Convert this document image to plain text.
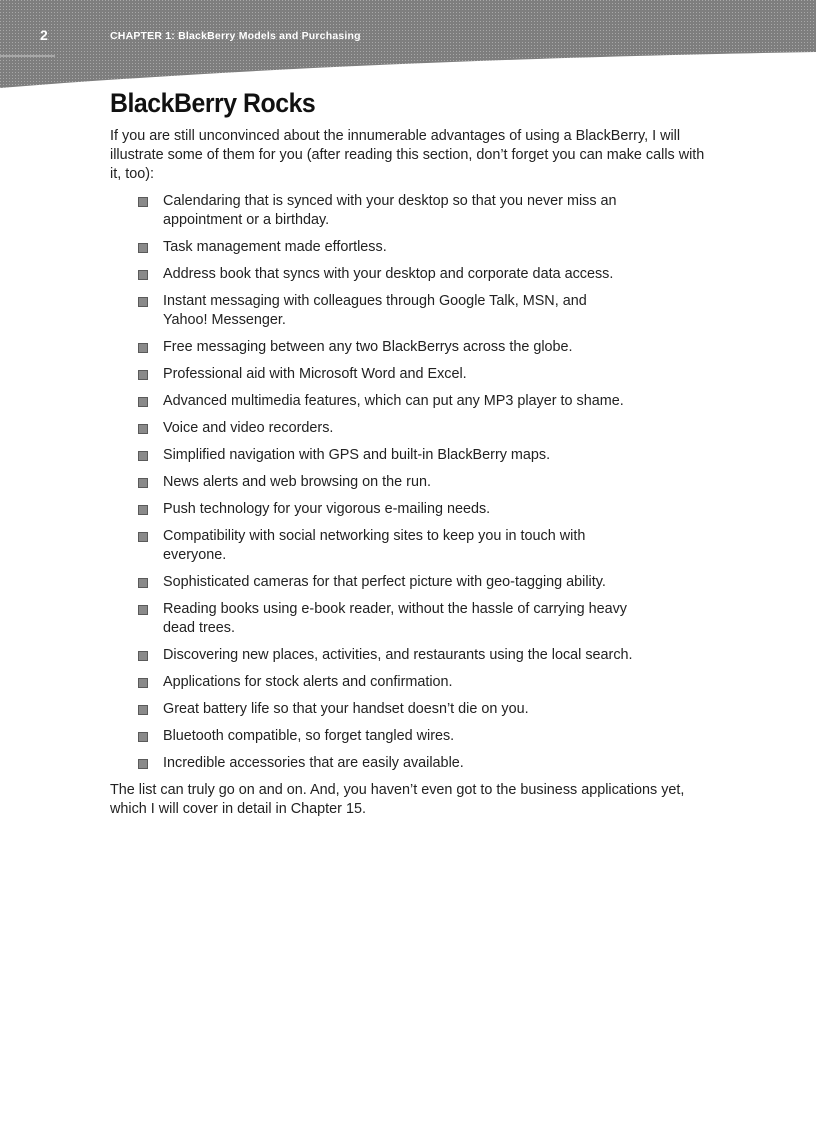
2	CHAPTER 1: BlackBerry Models and Purchasing
BlackBerry Rocks

If you are still unconvinced about the innumerable advantages of using a BlackBerry, I will illustrate some of them for you (after reading this section, don’t forget you can make calls with it, too):

Calendaring that is synced with your desktop so that you never miss an appointment or a birthday.
Task management made effortless.
Address book that syncs with your desktop and corporate data access.
Instant messaging with colleagues through Google Talk, MSN, and Yahoo! Messenger.
Free messaging between any two BlackBerrys across the globe.
Professional aid with Microsoft Word and Excel.
Advanced multimedia features, which can put any MP3 player to shame.
Voice and video recorders.
Simplified navigation with GPS and built-in BlackBerry maps.
News alerts and web browsing on the run.
Push technology for your vigorous e-mailing needs.
Compatibility with social networking sites to keep you in touch with everyone.
Sophisticated cameras for that perfect picture with geo-tagging ability.
Reading books using e-book reader, without the hassle of carrying heavy dead trees.
Discovering new places, activities, and restaurants using the local search.
Applications for stock alerts and confirmation.
Great battery life so that your handset doesn’t die on you.
Bluetooth compatible, so forget tangled wires.
Incredible accessories that are easily available.

The list can truly go on and on. And, you haven’t even got to the business applications yet, which I will cover in detail in Chapter 15.
